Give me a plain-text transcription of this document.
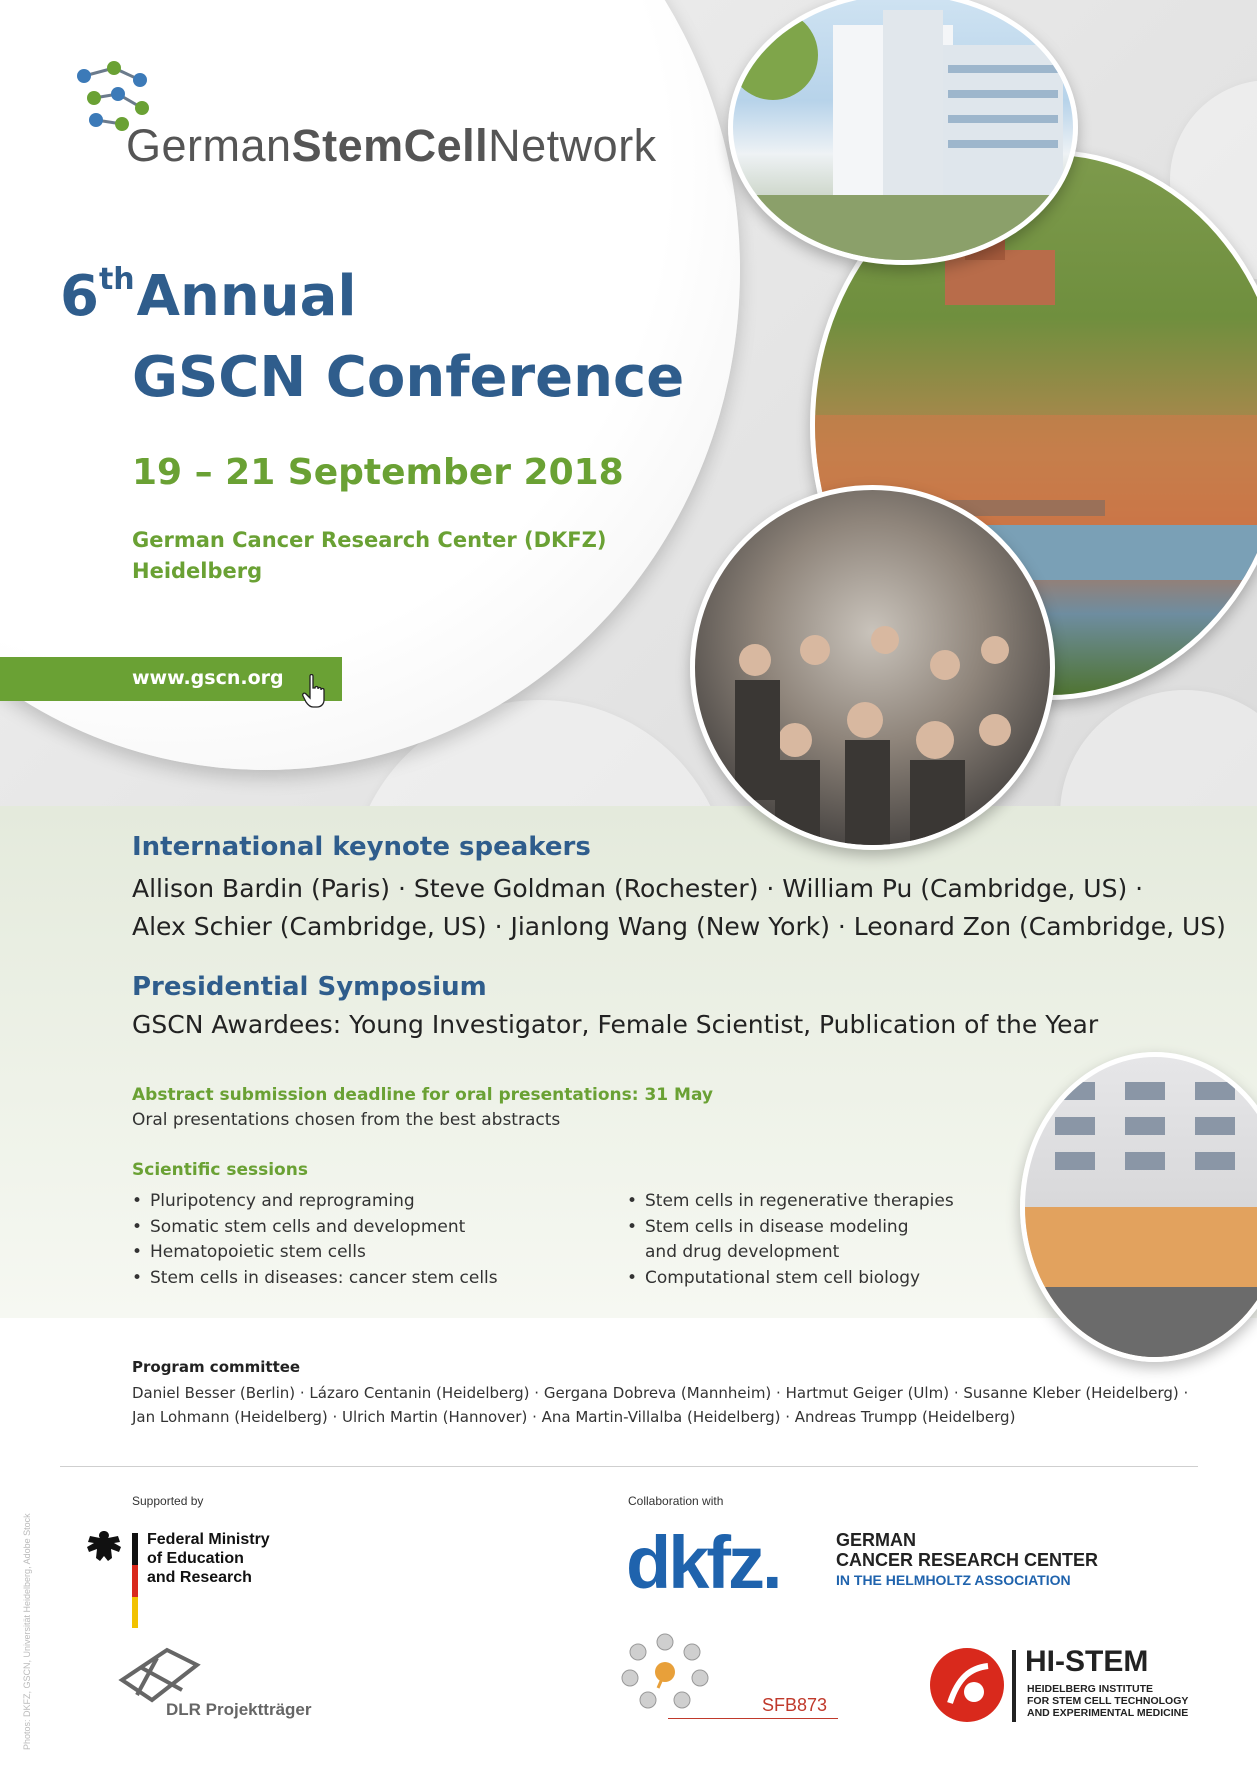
GermanStemCellNetwork
6thAnnual
GSCN Conference
19 – 21 September 2018
German Cancer Research Center (DKFZ)
Heidelberg
www.gscn.org
International keynote speakers
Allison Bardin (Paris) · Steve Goldman (Rochester) · William Pu (Cambridge, US) ·
Alex Schier (Cambridge, US) · Jianlong Wang (New York) · Leonard Zon (Cambridge, US)
Presidential Symposium
GSCN Awardees: Young Investigator, Female Scientist, Publication of the Year
Abstract submission deadline for oral presentations: 31 May
Oral presentations chosen from the best abstracts
Scientific sessions
• Pluripotency and reprograming
• Somatic stem cells and development
• Hematopoietic stem cells
• Stem cells in diseases: cancer stem cells
• Stem cells in regenerative therapies
• Stem cells in disease modeling
and drug development
• Computational stem cell biology
Program committee
Daniel Besser (Berlin) · Lázaro Centanin (Heidelberg) · Gergana Dobreva (Mannheim) · Hartmut Geiger (Ulm) · Susanne Kleber (Heidelberg) ·
Jan Lohmann (Heidelberg) · Ulrich Martin (Hannover) · Ana Martin-Villalba (Heidelberg) · Andreas Trumpp (Heidelberg)
Supported by	Collaboration with
Photos: DKFZ, GSCN, Universität Heidelberg, Adobe Stock	Federal Ministry
of Education
and Research
DLR Projektträger
dkfz.	GERMAN
CANCER RESEARCH CENTER
IN THE HELMHOLTZ ASSOCIATION
SFB873
HI-STEM
HEIDELBERG INSTITUTE
FOR STEM CELL TECHNOLOGY
AND EXPERIMENTAL MEDICINE
